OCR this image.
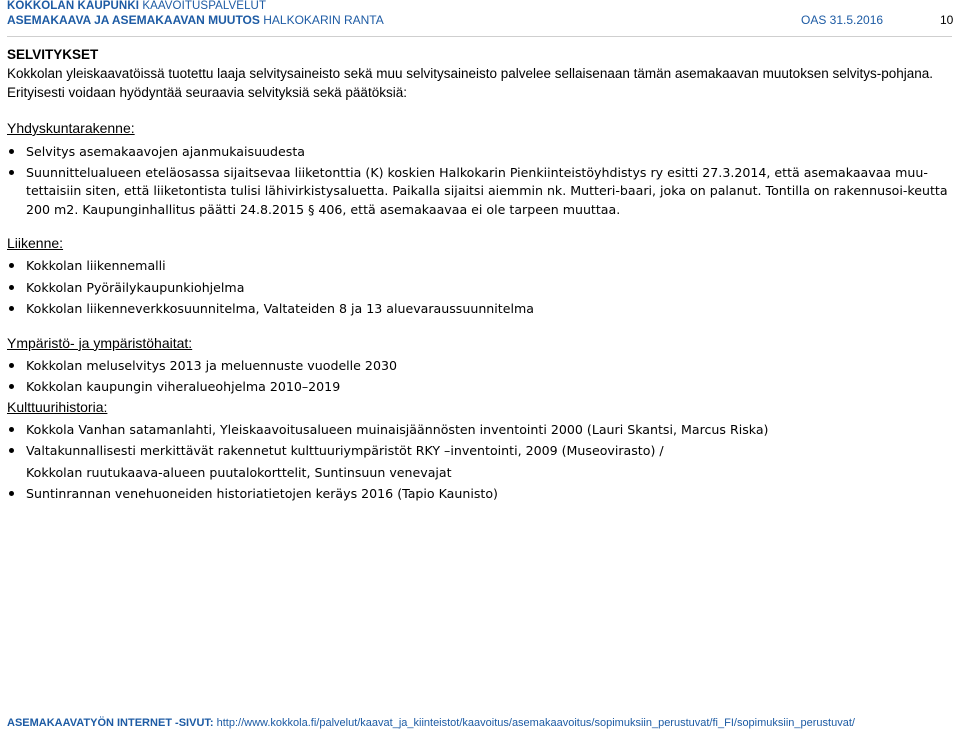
KOKKOLAN KAUPUNKI KAAVOITUSPALVELUT
ASEMAKAAVA JA ASEMAKAAVAN MUUTOS HALKOKARIN RANTA	OAS 31.5.2016	10
SELVITYKSET

Kokkolan yleiskaavatöissä tuotettu laaja selvitysaineisto sekä muu selvitysaineisto palvelee sellaisenaan tämän asemakaavan muutoksen selvitys-pohjana. Erityisesti voidaan hyödyntää seuraavia selvityksiä sekä päätöksiä:

Yhdyskuntarakenne:

Selvitys asemakaavojen ajanmukaisuudesta
Suunnittelualueen eteläosassa sijaitsevaa liiketonttia (K) koskien Halkokarin Pienkiinteistöyhdistys ry esitti 27.3.2014, että asemakaavaa muu-tettaisiin siten, että liiketontista tulisi lähivirkistysaluetta. Paikalla sijaitsi aiemmin nk. Mutteri-baari, joka on palanut. Tontilla on rakennusoi-keutta 200 m2. Kaupunginhallitus päätti 24.8.2015 § 406, että asemakaavaa ei ole tarpeen muuttaa.

Liikenne:

Kokkolan liikennemalli
Kokkolan Pyöräilykaupunkiohjelma
Kokkolan liikenneverkkosuunnitelma, Valtateiden 8 ja 13 aluevaraussuunnitelma

Ympäristö- ja ympäristöhaitat:

Kokkolan meluselvitys 2013 ja meluennuste vuodelle 2030
Kokkolan kaupungin viheralueohjelma 2010–2019

Kulttuurihistoria:

Kokkola Vanhan satamanlahti, Yleiskaavoitusalueen muinaisjäännösten inventointi 2000 (Lauri Skantsi, Marcus Riska)
Valtakunnallisesti merkittävät rakennetut kulttuuriympäristöt RKY –inventointi, 2009 (Museovirasto) /
Kokkolan ruutukaava-alueen puutalokorttelit, Suntinsuun venevajat
Suntinrannan venehuoneiden historiatietojen keräys 2016 (Tapio Kaunisto)
ASEMAKAAVATYÖN INTERNET -SIVUT: http://www.kokkola.fi/palvelut/kaavat_ja_kiinteistot/kaavoitus/asemakaavoitus/sopimuksiin_perustuvat/fi_FI/sopimuksiin_perustuvat/
